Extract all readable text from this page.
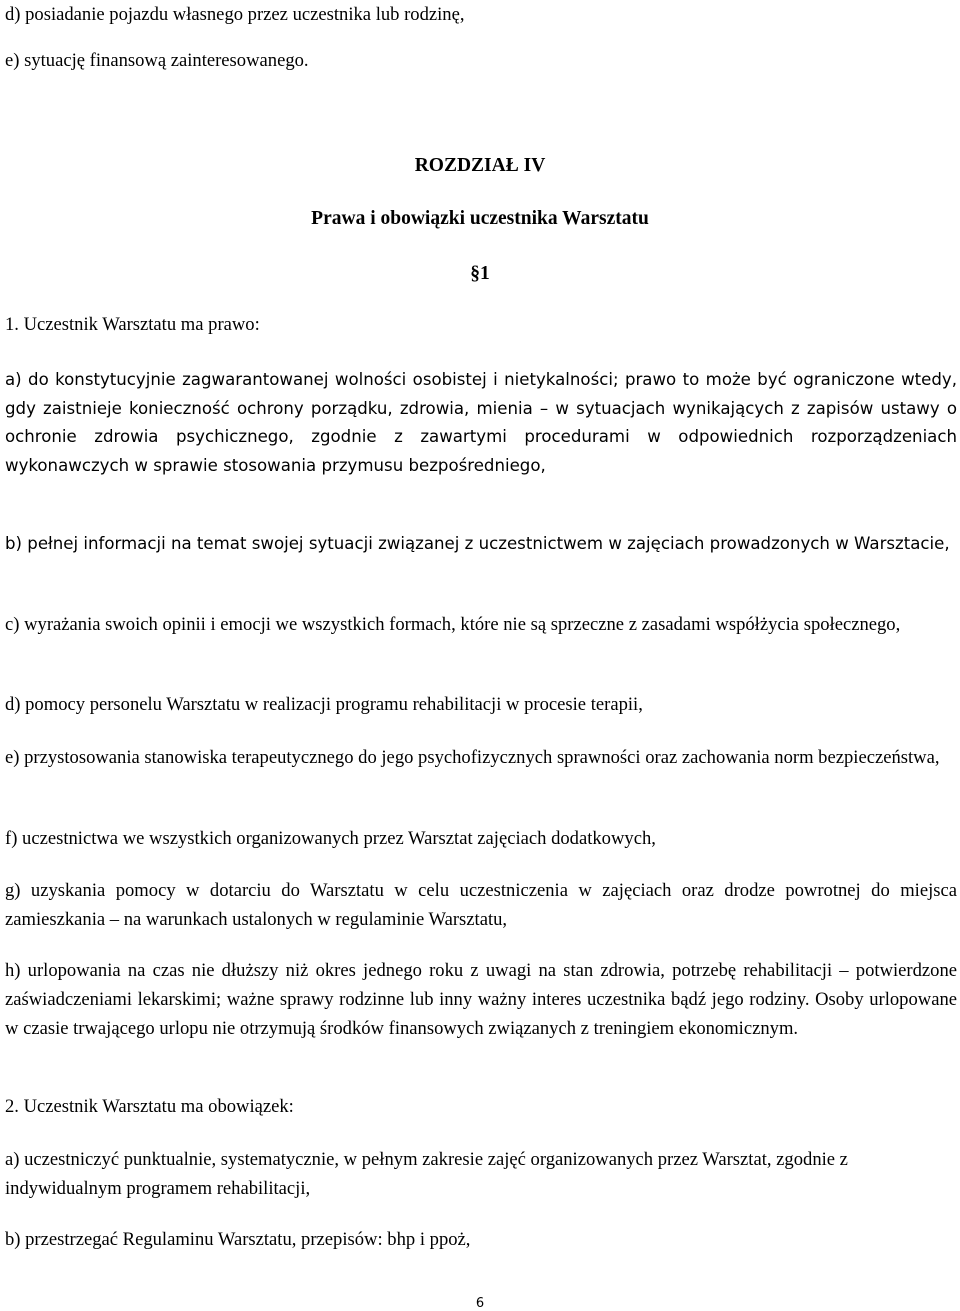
d) posiadanie pojazdu własnego przez uczestnika lub rodzinę,
e) sytuację finansową zainteresowanego.
ROZDZIAŁ IV
Prawa i obowiązki uczestnika Warsztatu
§1
1. Uczestnik Warsztatu ma prawo:
a) do konstytucyjnie zagwarantowanej wolności osobistej i nietykalności; prawo to może być ograniczone wtedy, gdy zaistnieje konieczność ochrony porządku, zdrowia, mienia – w sytuacjach wynikających z zapisów ustawy o ochronie zdrowia psychicznego, zgodnie z zawartymi procedurami w odpowiednich rozporządzeniach wykonawczych w sprawie stosowania przymusu bezpośredniego,
b) pełnej informacji na temat swojej sytuacji związanej z uczestnictwem w zajęciach prowadzonych w Warsztacie,
c) wyrażania swoich opinii i emocji we wszystkich formach, które nie są sprzeczne z zasadami współżycia społecznego,
d) pomocy personelu Warsztatu w realizacji programu rehabilitacji w procesie terapii,
e) przystosowania stanowiska terapeutycznego do jego psychofizycznych sprawności oraz zachowania norm bezpieczeństwa,
f) uczestnictwa we wszystkich organizowanych przez Warsztat zajęciach dodatkowych,
g) uzyskania pomocy w dotarciu do Warsztatu w celu uczestniczenia w zajęciach oraz drodze powrotnej do miejsca zamieszkania – na warunkach ustalonych w regulaminie Warsztatu,
h) urlopowania na czas nie dłuższy niż okres jednego roku z uwagi na stan zdrowia, potrzebę rehabilitacji – potwierdzone zaświadczeniami lekarskimi; ważne sprawy rodzinne lub inny ważny interes uczestnika bądź jego rodziny. Osoby urlopowane w czasie trwającego urlopu nie otrzymują środków finansowych związanych z treningiem ekonomicznym.
2. Uczestnik Warsztatu ma obowiązek:
a) uczestniczyć punktualnie, systematycznie, w pełnym zakresie zajęć organizowanych przez Warsztat, zgodnie z indywidualnym programem rehabilitacji,
b) przestrzegać Regulaminu Warsztatu, przepisów: bhp i ppoż,
6
